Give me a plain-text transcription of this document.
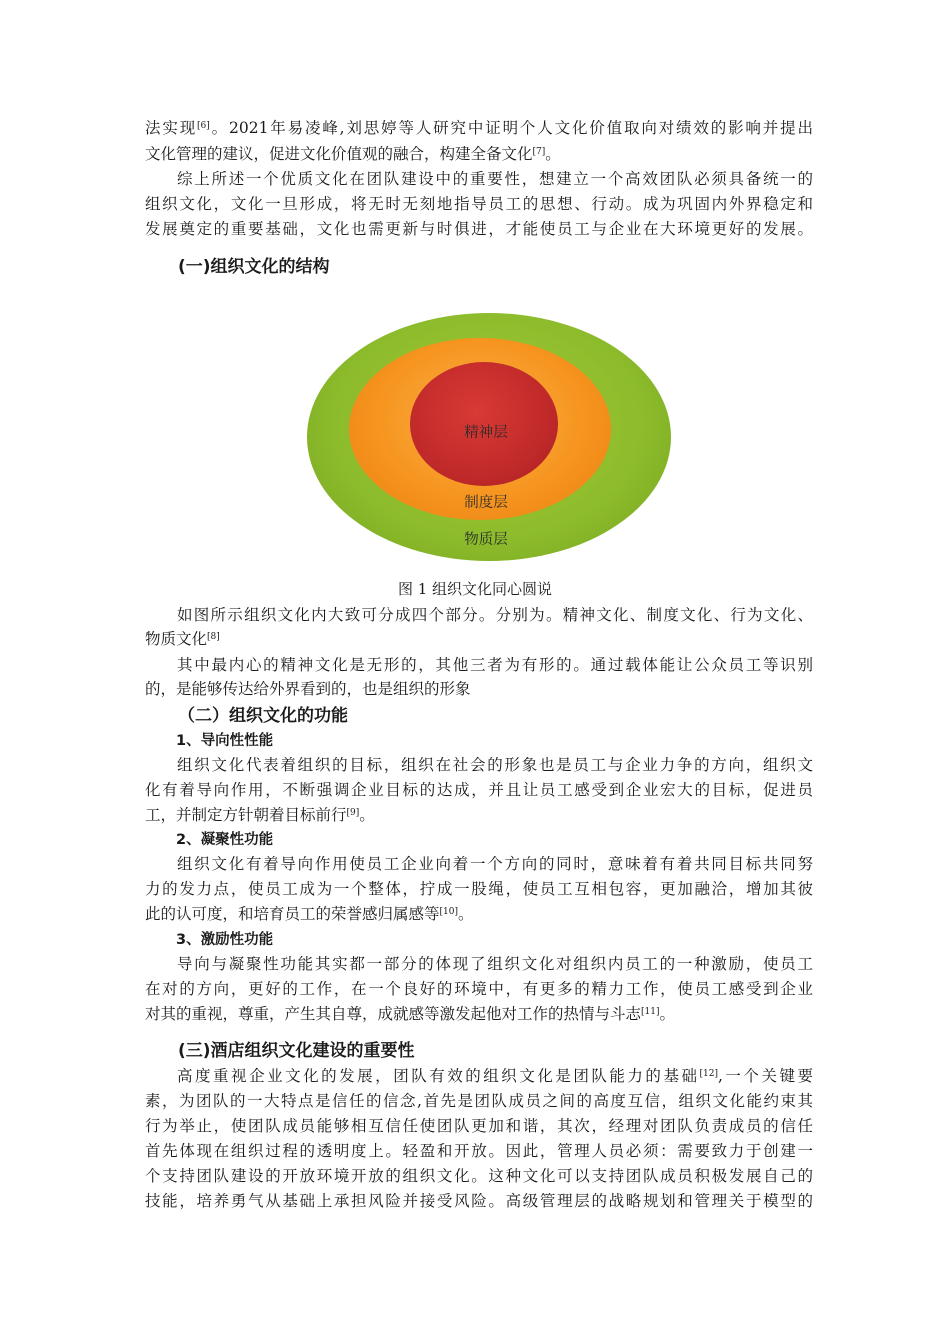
法实现[6]。2021年易凌峰,刘思婷等人研究中证明个人文化价值取向对绩效的影响并提出
文化管理的建议，促进文化价值观的融合，构建全备文化[7]。
综上所述一个优质文化在团队建设中的重要性，想建立一个高效团队必须具备统一的
组织文化，文化一旦形成，将无时无刻地指导员工的思想、行动。成为巩固内外界稳定和
发展奠定的重要基础，文化也需更新与时俱进，才能使员工与企业在大环境更好的发展。
(一)组织文化的结构
精神层
制度层
物质层
图 1 组织文化同心圆说
如图所示组织文化内大致可分成四个部分。分别为。精神文化、制度文化、行为文化、
物质文化[8]
其中最内心的精神文化是无形的，其他三者为有形的。通过载体能让公众员工等识别
的，是能够传达给外界看到的，也是组织的形象
（二）组织文化的功能
1、导向性性能
组织文化代表着组织的目标，组织在社会的形象也是员工与企业力争的方向，组织文
化有着导向作用，不断强调企业目标的达成，并且让员工感受到企业宏大的目标，促进员
工，并制定方针朝着目标前行[9]。
2、凝聚性功能
组织文化有着导向作用使员工企业向着一个方向的同时，意味着有着共同目标共同努
力的发力点，使员工成为一个整体，拧成一股绳，使员工互相包容，更加融洽，增加其彼
此的认可度，和培育员工的荣誉感归属感等[10]。
3、激励性功能
导向与凝聚性功能其实都一部分的体现了组织文化对组织内员工的一种激励，使员工
在对的方向，更好的工作，在一个良好的环境中，有更多的精力工作，使员工感受到企业
对其的重视，尊重，产生其自尊，成就感等激发起他对工作的热情与斗志[11]。
(三)酒店组织文化建设的重要性
高度重视企业文化的发展，团队有效的组织文化是团队能力的基础[12],一个关键要
素，为团队的一大特点是信任的信念,首先是团队成员之间的高度互信，组织文化能约束其
行为举止，使团队成员能够相互信任使团队更加和谐，其次，经理对团队负责成员的信任
首先体现在组织过程的透明度上。轻盈和开放。因此，管理人员必须：需要致力于创建一
个支持团队建设的开放环境开放的组织文化。这种文化可以支持团队成员积极发展自己的
技能，培养勇气从基础上承担风险并接受风险。高级管理层的战略规划和管理关于模型的
